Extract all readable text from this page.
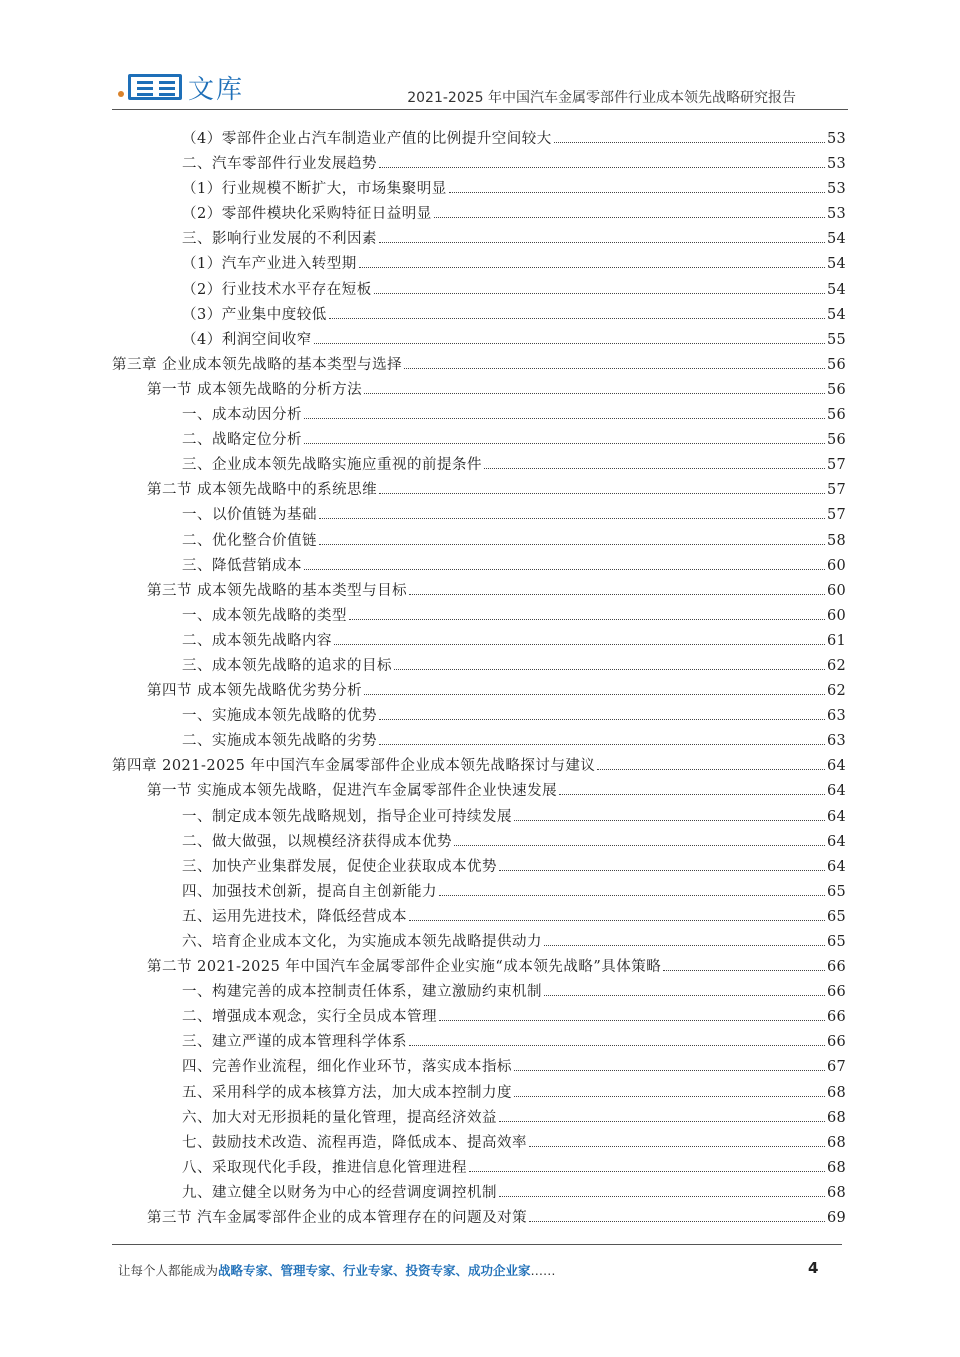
文库	2021-2025 年中国汽车金属零部件行业成本领先战略研究报告
（4）零部件企业占汽车制造业产值的比例提升空间较大	53
二、汽车零部件行业发展趋势	53
（1）行业规模不断扩大，市场集聚明显	53
（2）零部件模块化采购特征日益明显	53
三、影响行业发展的不利因素	54
（1）汽车产业进入转型期	54
（2）行业技术水平存在短板	54
（3）产业集中度较低	54
（4）利润空间收窄	55
第三章 企业成本领先战略的基本类型与选择	56
第一节 成本领先战略的分析方法	56
一、成本动因分析	56
二、战略定位分析	56
三、企业成本领先战略实施应重视的前提条件	57
第二节 成本领先战略中的系统思维	57
一、以价值链为基础	57
二、优化整合价值链	58
三、降低营销成本	60
第三节 成本领先战略的基本类型与目标	60
一、成本领先战略的类型	60
二、成本领先战略内容	61
三、成本领先战略的追求的目标	62
第四节 成本领先战略优劣势分析	62
一、实施成本领先战略的优势	63
二、实施成本领先战略的劣势	63
第四章 2021-2025 年中国汽车金属零部件企业成本领先战略探讨与建议	64
第一节 实施成本领先战略，促进汽车金属零部件企业快速发展	64
一、制定成本领先战略规划，指导企业可持续发展	64
二、做大做强，以规模经济获得成本优势	64
三、加快产业集群发展，促使企业获取成本优势	64
四、加强技术创新，提高自主创新能力	65
五、运用先进技术，降低经营成本	65
六、培育企业成本文化，为实施成本领先战略提供动力	65
第二节 2021-2025 年中国汽车金属零部件企业实施“成本领先战略”具体策略	66
一、构建完善的成本控制责任体系，建立激励约束机制	66
二、增强成本观念，实行全员成本管理	66
三、建立严谨的成本管理科学体系	66
四、完善作业流程，细化作业环节，落实成本指标	67
五、采用科学的成本核算方法，加大成本控制力度	68
六、加大对无形损耗的量化管理，提高经济效益	68
七、鼓励技术改造、流程再造，降低成本、提高效率	68
八、采取现代化手段，推进信息化管理进程	68
九、建立健全以财务为中心的经营调度调控机制	68
第三节 汽车金属零部件企业的成本管理存在的问题及对策	69
让每个人都能成为战略专家、管理专家、行业专家、投资专家、成功企业家……	4
